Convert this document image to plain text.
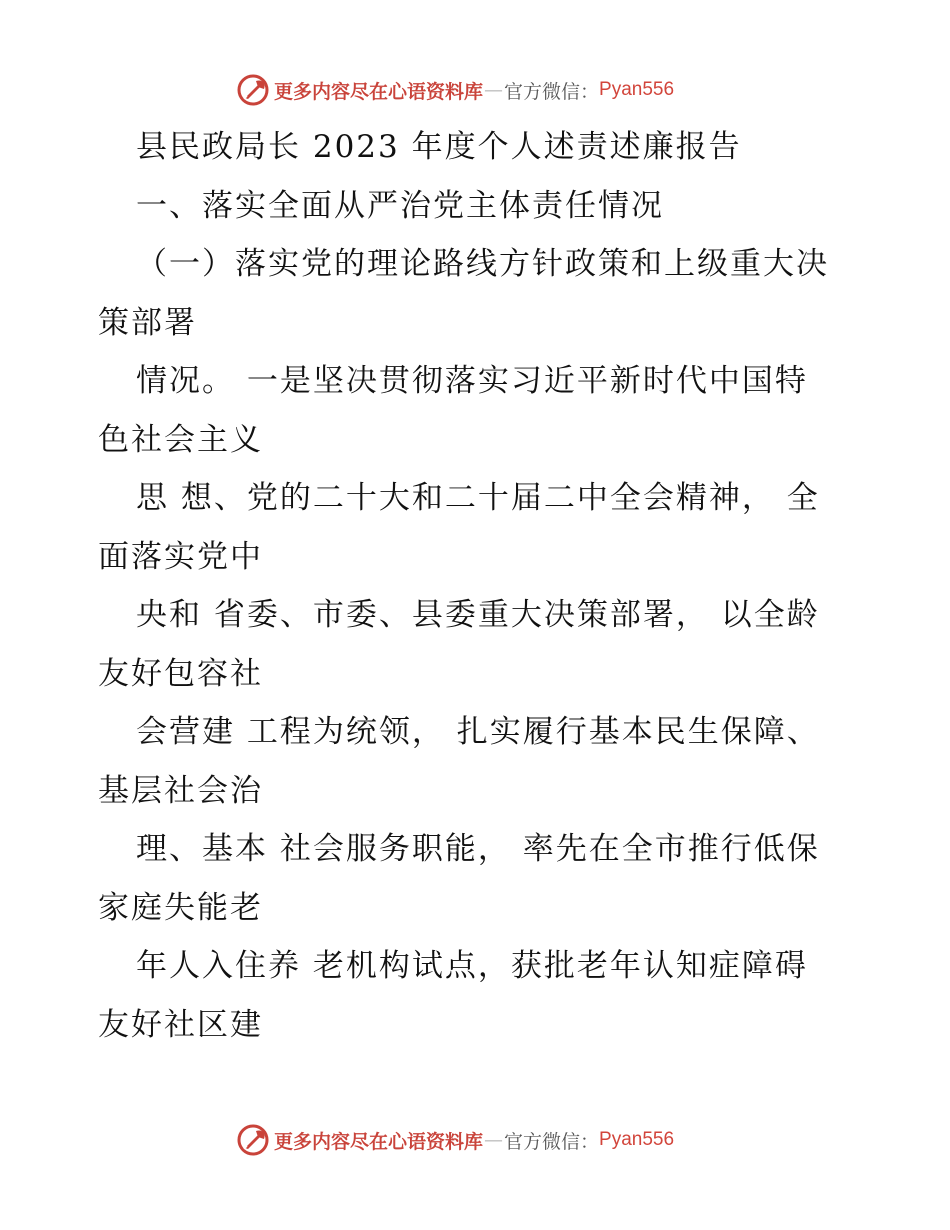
更多内容尽在心语资料库 — 官方微信： Pyan556
县民政局长 2023 年度个人述责述廉报告
一、落实全面从严治党主体责任情况
（一）落实党的理论路线方针政策和上级重大决
策部署
情况。 一是坚决贯彻落实习近平新时代中国特
色社会主义
思 想、党的二十大和二十届二中全会精神， 全
面落实党中
央和 省委、市委、县委重大决策部署， 以全龄
友好包容社
会营建 工程为统领， 扎实履行基本民生保障、
基层社会治
理、基本 社会服务职能， 率先在全市推行低保
家庭失能老
年人入住养 老机构试点，获批老年认知症障碍
友好社区建
更多内容尽在心语资料库 — 官方微信： Pyan556
